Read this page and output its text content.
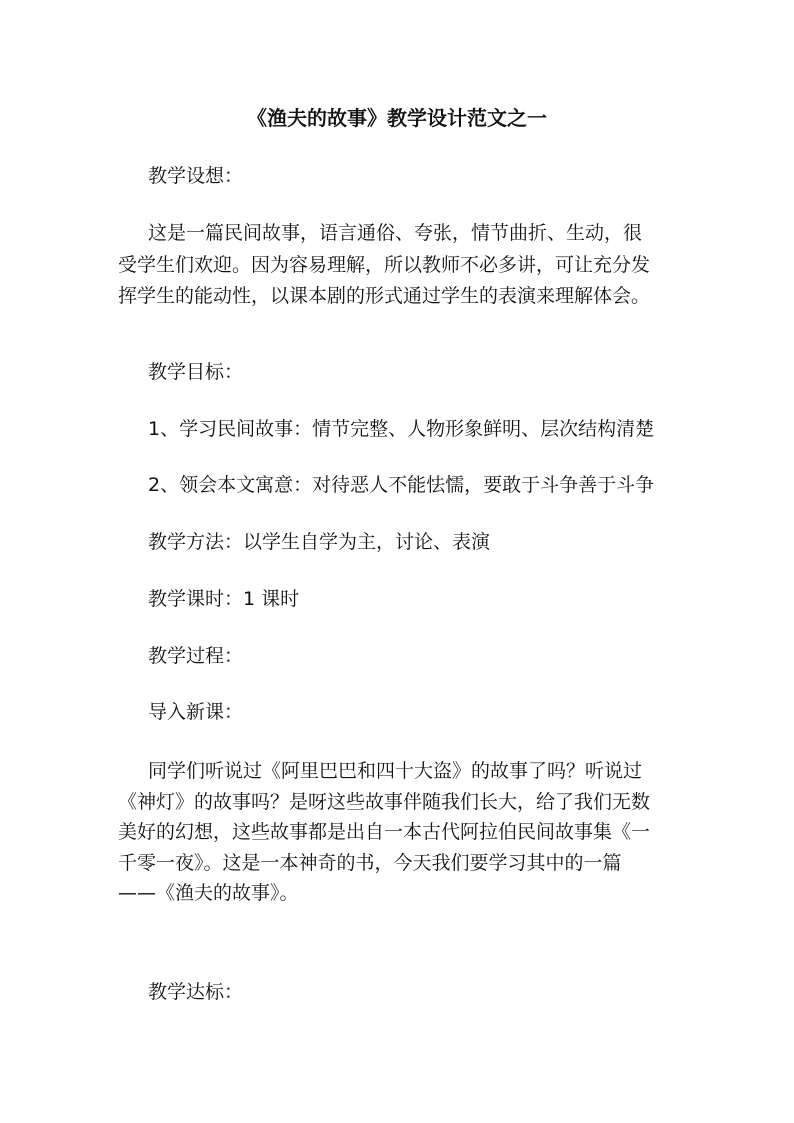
《渔夫的故事》教学设计范文之一
教学设想：
这是一篇民间故事，语言通俗、夸张，情节曲折、生动，很
受学生们欢迎。因为容易理解，所以教师不必多讲，可让充分发
挥学生的能动性，以课本剧的形式通过学生的表演来理解体会。
教学目标：
1、学习民间故事：情节完整、人物形象鲜明、层次结构清楚
2、领会本文寓意：对待恶人不能怯懦，要敢于斗争善于斗争
教学方法：以学生自学为主，讨论、表演
教学课时：1 课时
教学过程：
导入新课：
同学们听说过《阿里巴巴和四十大盗》的故事了吗？听说过
《神灯》的故事吗？是呀这些故事伴随我们长大，给了我们无数
美好的幻想，这些故事都是出自一本古代阿拉伯民间故事集《一
千零一夜》。这是一本神奇的书，今天我们要学习其中的一篇
——《渔夫的故事》。
教学达标：
